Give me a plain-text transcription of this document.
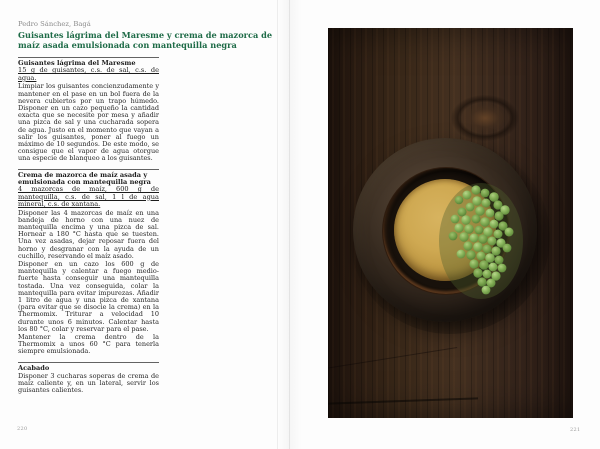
Pedro Sánchez, Bagá

Guisantes lágrima del Maresme y crema de mazorca de maíz asada emulsionada con mantequilla negra
Guisantes lágrima del Maresme

15 g de guisantes, c.s. de sal, c.s. de agua.

Limpiar los guisantes concienzudamente y mantener en el pase en un bol fuera de la nevera cubiertos por un trapo húmedo. Disponer en un cazo pequeño la cantidad exacta que se necesite por mesa y añadir una pizca de sal y una cucharada sopera de agua. Justo en el momento que vayan a salir los guisantes, poner al fuego un máximo de 10 segundos. De este modo, se consigue que el vapor de agua otorgue una especie de blanqueo a los guisantes.

Crema de mazorca de maíz asada y emulsionada con mantequilla negra

4 mazorcas de maíz, 600 g de mantequilla, c.s. de sal, 1 l de agua mineral, c.s. de xantana.

Disponer las 4 mazorcas de maíz en una bandeja de horno con una nuez de mantequilla encima y una pizca de sal. Hornear a 180 °C hasta que se tuesten. Una vez asadas, dejar reposar fuera del horno y desgranar con la ayuda de un cuchillo, reservando el maíz asado.

Disponer en un cazo los 600 g de mantequilla y calentar a fuego medio-fuerte hasta conseguir una mantequilla tostada. Una vez conseguida, colar la mantequilla para evitar impurezas. Añadir 1 litro de agua y una pizca de xantana (para evitar que se disocie la crema) en la Thermomix. Triturar a velocidad 10 durante unos 6 minutos. Calentar hasta los 80 °C, colar y reservar para el pase.

Mantener la crema dentro de la Thermomix a unos 60 °C para tenerla siempre emulsionada.

Acabado

Disponer 3 cucharas soperas de crema de maíz caliente y, en un lateral, servir los guisantes calientes.

220	221
